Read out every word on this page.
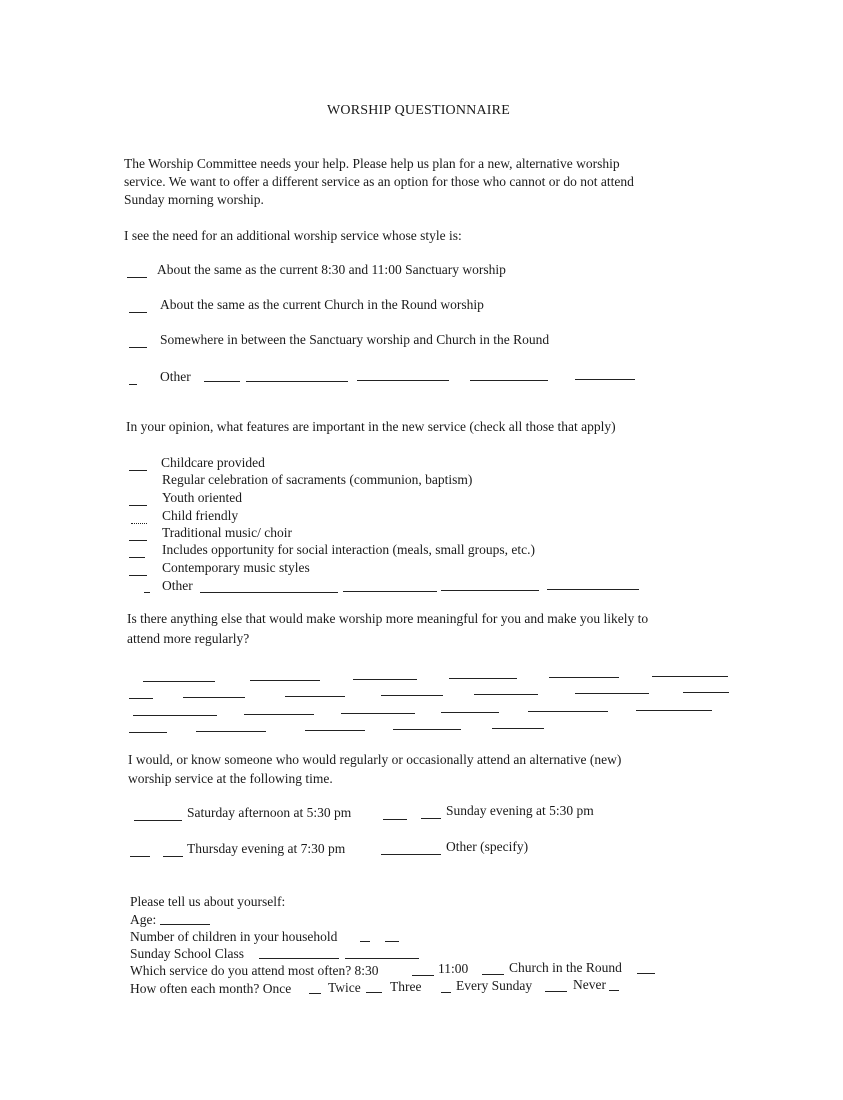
WORSHIP QUESTIONNAIRE
The Worship Committee needs your help. Please help us plan for a new, alternative worship
service. We want to offer a different service as an option for those who cannot or do not attend
Sunday morning worship.
I see the need for an additional worship service whose style is:
About the same as the current 8:30 and 11:00 Sanctuary worship
About the same as the current Church in the Round worship
Somewhere in between the Sanctuary worship and Church in the Round
Other
In your opinion, what features are important in the new service (check all those that apply)
Childcare provided
Regular celebration of sacraments (communion, baptism)
Youth oriented
Child friendly
Traditional music/ choir
Includes opportunity for social interaction (meals, small groups, etc.)
Contemporary music styles
Other
Is there anything else that would make worship more meaningful for you and make you likely to
attend more regularly?
I would, or know someone who would regularly or occasionally attend an alternative (new)
worship service at the following time.
Saturday afternoon at 5:30 pm	Sunday evening at 5:30 pm
Thursday evening at 7:30 pm	Other (specify)
Please tell us about yourself:
Age:
Number of children in your household
Sunday School Class
Which service do you attend most often? 8:30	11:00	Church in the Round
How often each month? Once	Twice Three	Every Sunday	Never
